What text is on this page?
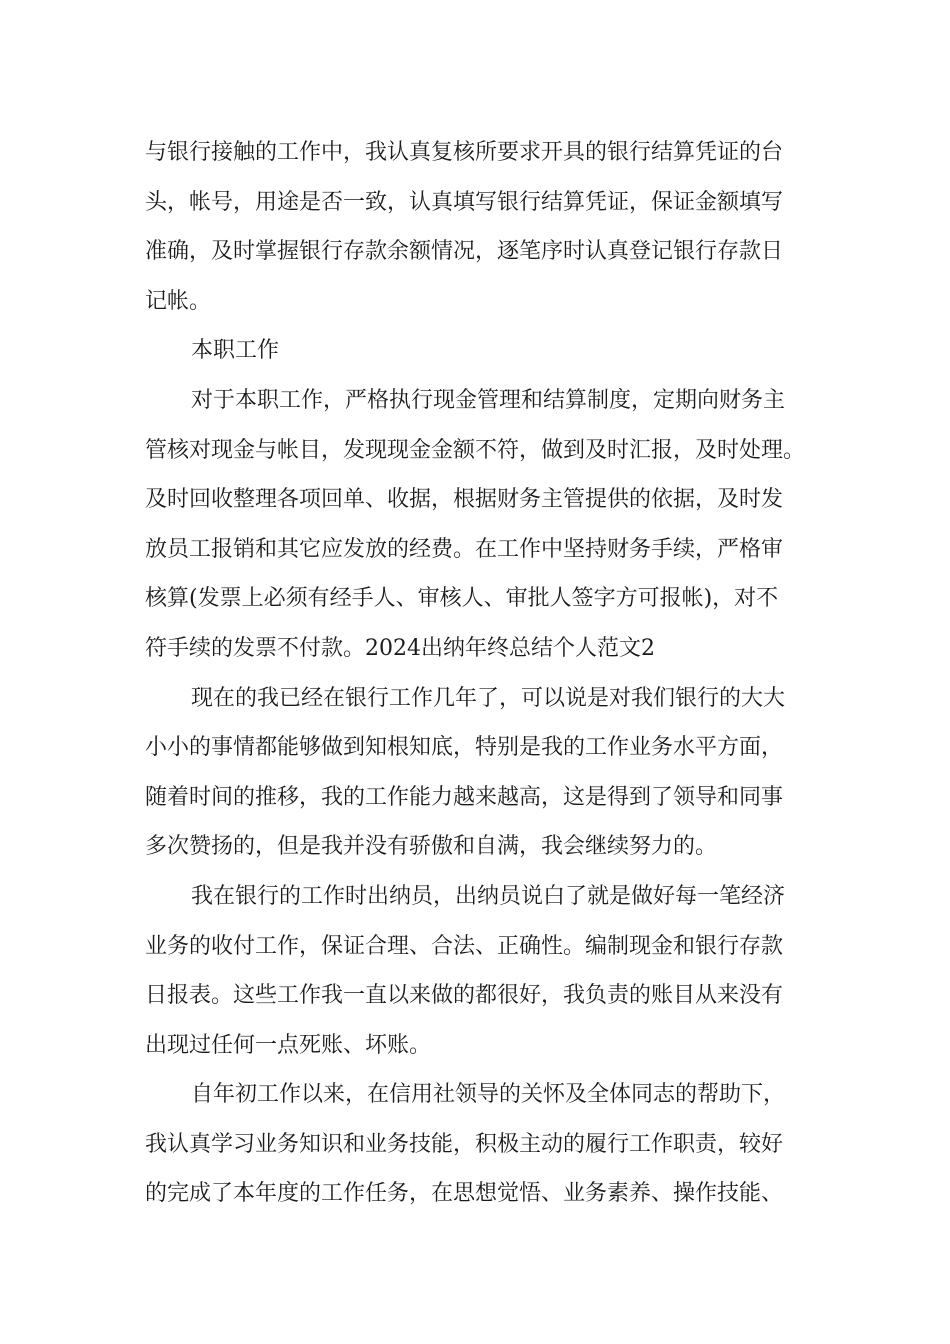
与银行接触的工作中，我认真复核所要求开具的银行结算凭证的台
头，帐号，用途是否一致，认真填写银行结算凭证，保证金额填写
准确，及时掌握银行存款余额情况，逐笔序时认真登记银行存款日
记帐。

本职工作

对于本职工作，严格执行现金管理和结算制度，定期向财务主
管核对现金与帐目，发现现金金额不符，做到及时汇报，及时处理。
及时回收整理各项回单、收据，根据财务主管提供的依据，及时发
放员工报销和其它应发放的经费。在工作中坚持财务手续，严格审
核算(发票上必须有经手人、审核人、审批人签字方可报帐)，对不
符手续的发票不付款。2024出纳年终总结个人范文2

现在的我已经在银行工作几年了，可以说是对我们银行的大大
小小的事情都能够做到知根知底，特别是我的工作业务水平方面，
随着时间的推移，我的工作能力越来越高，这是得到了领导和同事
多次赞扬的，但是我并没有骄傲和自满，我会继续努力的。

我在银行的工作时出纳员，出纳员说白了就是做好每一笔经济
业务的收付工作，保证合理、合法、正确性。编制现金和银行存款
日报表。这些工作我一直以来做的都很好，我负责的账目从来没有
出现过任何一点死账、坏账。

自年初工作以来，在信用社领导的关怀及全体同志的帮助下，
我认真学习业务知识和业务技能，积极主动的履行工作职责，较好
的完成了本年度的工作任务，在思想觉悟、业务素养、操作技能、
